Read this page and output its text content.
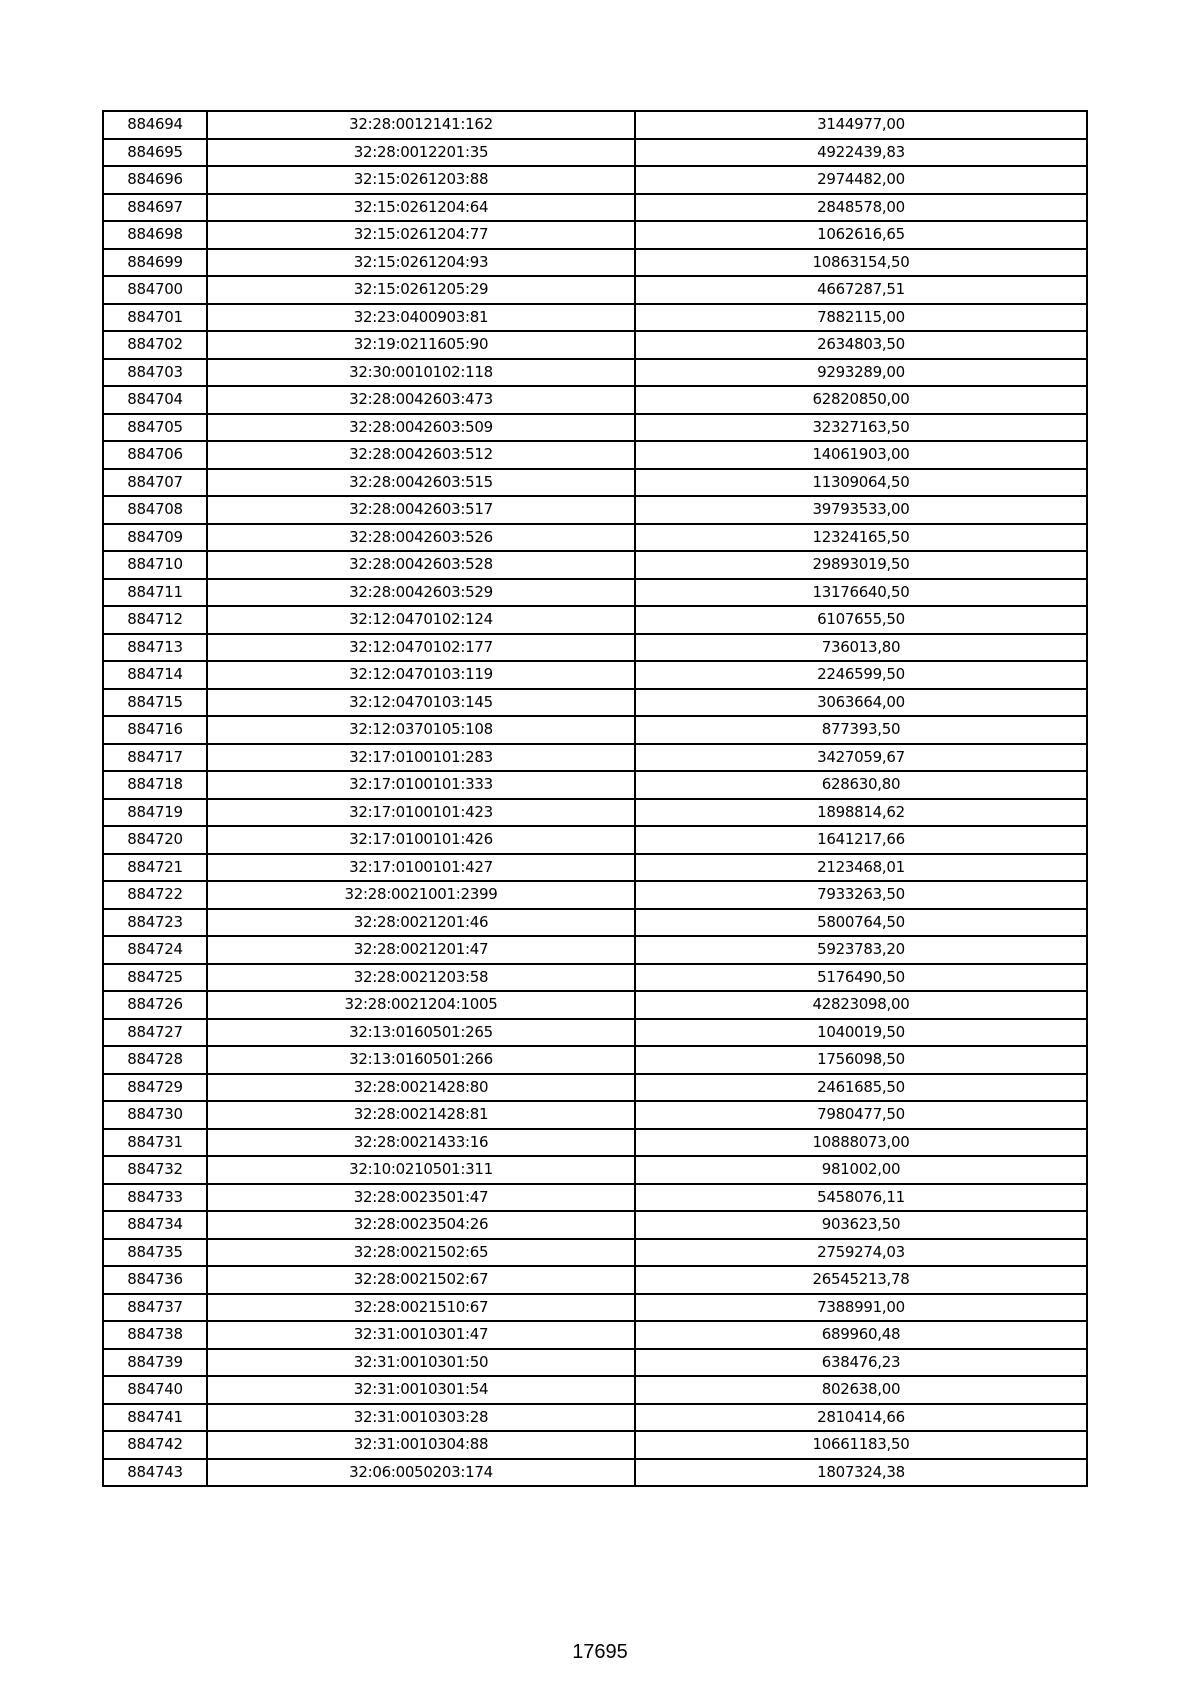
884694	32:28:0012141:162	3144977,00
884695	32:28:0012201:35	4922439,83
884696	32:15:0261203:88	2974482,00
884697	32:15:0261204:64	2848578,00
884698	32:15:0261204:77	1062616,65
884699	32:15:0261204:93	10863154,50
884700	32:15:0261205:29	4667287,51
884701	32:23:0400903:81	7882115,00
884702	32:19:0211605:90	2634803,50
884703	32:30:0010102:118	9293289,00
884704	32:28:0042603:473	62820850,00
884705	32:28:0042603:509	32327163,50
884706	32:28:0042603:512	14061903,00
884707	32:28:0042603:515	11309064,50
884708	32:28:0042603:517	39793533,00
884709	32:28:0042603:526	12324165,50
884710	32:28:0042603:528	29893019,50
884711	32:28:0042603:529	13176640,50
884712	32:12:0470102:124	6107655,50
884713	32:12:0470102:177	736013,80
884714	32:12:0470103:119	2246599,50
884715	32:12:0470103:145	3063664,00
884716	32:12:0370105:108	877393,50
884717	32:17:0100101:283	3427059,67
884718	32:17:0100101:333	628630,80
884719	32:17:0100101:423	1898814,62
884720	32:17:0100101:426	1641217,66
884721	32:17:0100101:427	2123468,01
884722	32:28:0021001:2399	7933263,50
884723	32:28:0021201:46	5800764,50
884724	32:28:0021201:47	5923783,20
884725	32:28:0021203:58	5176490,50
884726	32:28:0021204:1005	42823098,00
884727	32:13:0160501:265	1040019,50
884728	32:13:0160501:266	1756098,50
884729	32:28:0021428:80	2461685,50
884730	32:28:0021428:81	7980477,50
884731	32:28:0021433:16	10888073,00
884732	32:10:0210501:311	981002,00
884733	32:28:0023501:47	5458076,11
884734	32:28:0023504:26	903623,50
884735	32:28:0021502:65	2759274,03
884736	32:28:0021502:67	26545213,78
884737	32:28:0021510:67	7388991,00
884738	32:31:0010301:47	689960,48
884739	32:31:0010301:50	638476,23
884740	32:31:0010301:54	802638,00
884741	32:31:0010303:28	2810414,66
884742	32:31:0010304:88	10661183,50
884743	32:06:0050203:174	1807324,38
17695
